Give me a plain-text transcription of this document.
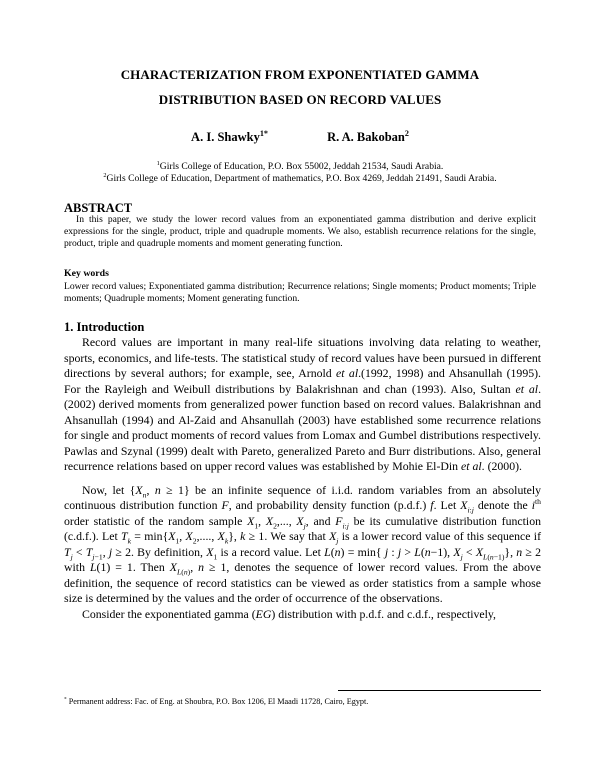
CHARACTERIZATION FROM EXPONENTIATED GAMMA
DISTRIBUTION BASED ON RECORD VALUES
A. I. Shawky$^{1*}$	R. A. Bakoban$^2$
$^1$Girls College of Education, P.O. Box 55002, Jeddah 21534, Saudi Arabia.
$^2$Girls College of Education, Department of mathematics, P.O. Box 4269, Jeddah 21491, Saudi Arabia.
ABSTRACT
In this paper, we study the lower record values from an exponentiated gamma distribution and derive explicit expressions for the single, product, triple and quadruple moments. We also, establish recurrence relations for the single, product, triple and quadruple moments and moment generating function.
Key words
Lower record values; Exponentiated gamma distribution; Recurrence relations; Single moments; Product moments; Triple moments; Quadruple moments; Moment generating function.
1. Introduction

Record values are important in many real-life situations involving data relating to weather, sports, economics, and life-tests. The statistical study of record values have been pursued in different directions by several authors; for example, see, Arnold et al.(1992, 1998) and Ahsanullah (1995). For the Rayleigh and Weibull distributions by Balakrishnan and chan (1993). Also, Sultan et al. (2002) derived moments from generalized power function based on record values. Balakrishnan and Ahsanullah (1994) and Al-Zaid and Ahsanullah (2003) have established some recurrence relations for single and product moments of record values from Lomax and Gumbel distributions respectively. Pawlas and Szynal (1999) dealt with Pareto, generalized Pareto and Burr distributions. Also, general recurrence relations based on upper record values was established by Mohie El-Din et al. (2000).

Now, let {$X_n$, n ≥ 1} be an infinite sequence of i.i.d. random variables from an absolutely continuous distribution function F, and probability density function (p.d.f.) f. Let $X_{i:j}$ denote the $i^{th}$ order statistic of the random sample $X_1$, $X_2$,..., $X_j$, and $F_{i:j}$ be its cumulative distribution function (c.d.f.). Let $T_k = \min\{X_1$, $X_2$,...., $X_k$}, k ≥ 1. We say that $X_j$ is a lower record value of this sequence if $T_j < T_{j-1}$, j ≥ 2. By definition, $X_1$ is a record value. Let L(n) = min{ j : j > L(n−1), $X_j < X_{L(n-1)}$}, n ≥ 2 with L(1) = 1. Then $X_{L(n)}$, n ≥ 1, denotes the sequence of lower record values. From the above definition, the sequence of record statistics can be viewed as order statistics from a sample whose size is determined by the values and the order of occurrence of the observations.

Consider the exponentiated gamma (EG) distribution with p.d.f. and c.d.f., respectively,

* Permanent address: Fac. of Eng. at Shoubra, P.O. Box 1206, El Maadi 11728, Cairo, Egypt.
